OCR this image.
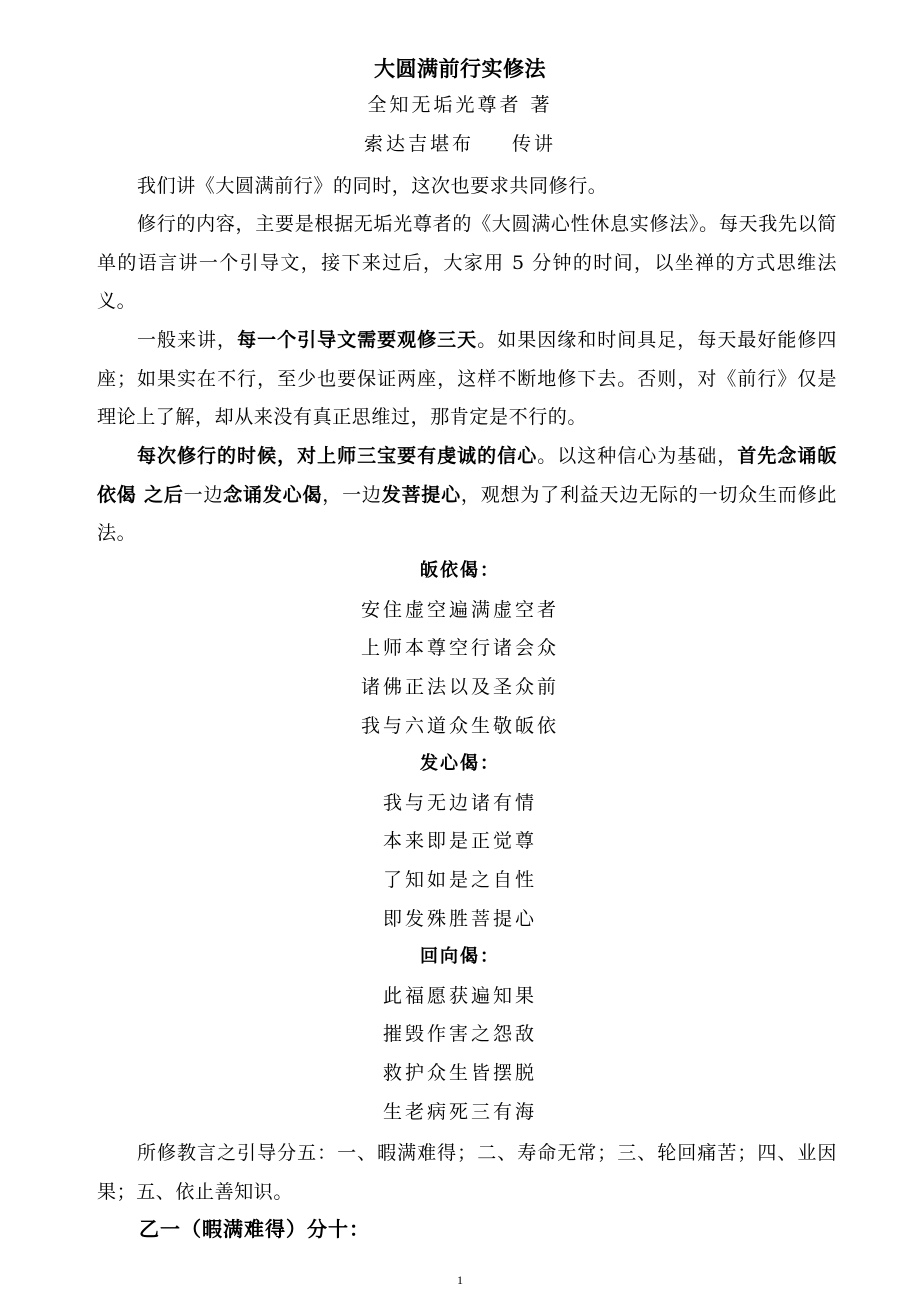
大圆满前行实修法
全知无垢光尊者 著
索达吉堪布 传讲
我们讲《大圆满前行》的同时，这次也要求共同修行。
修行的内容，主要是根据无垢光尊者的《大圆满心性休息实修法》。每天我先以简单的语言讲一个引导文，接下来过后，大家用 5 分钟的时间，以坐禅的方式思维法义。
一般来讲，每一个引导文需要观修三天。如果因缘和时间具足，每天最好能修四座；如果实在不行，至少也要保证两座，这样不断地修下去。否则，对《前行》仅是理论上了解，却从来没有真正思维过，那肯定是不行的。
每次修行的时候，对上师三宝要有虔诚的信心。以这种信心为基础，首先念诵皈依偈 之后一边念诵发心偈，一边发菩提心，观想为了利益天边无际的一切众生而修此法。
皈依偈：
安住虚空遍满虚空者
上师本尊空行诸会众
诸佛正法以及圣众前
我与六道众生敬皈依
发心偈：
我与无边诸有情
本来即是正觉尊
了知如是之自性
即发殊胜菩提心
回向偈：
此福愿获遍知果
摧毁作害之怨敌
救护众生皆摆脱
生老病死三有海
所修教言之引导分五：一、暇满难得；二、寿命无常；三、轮回痛苦；四、业因果；五、依止善知识。
乙一（暇满难得）分十：
1
